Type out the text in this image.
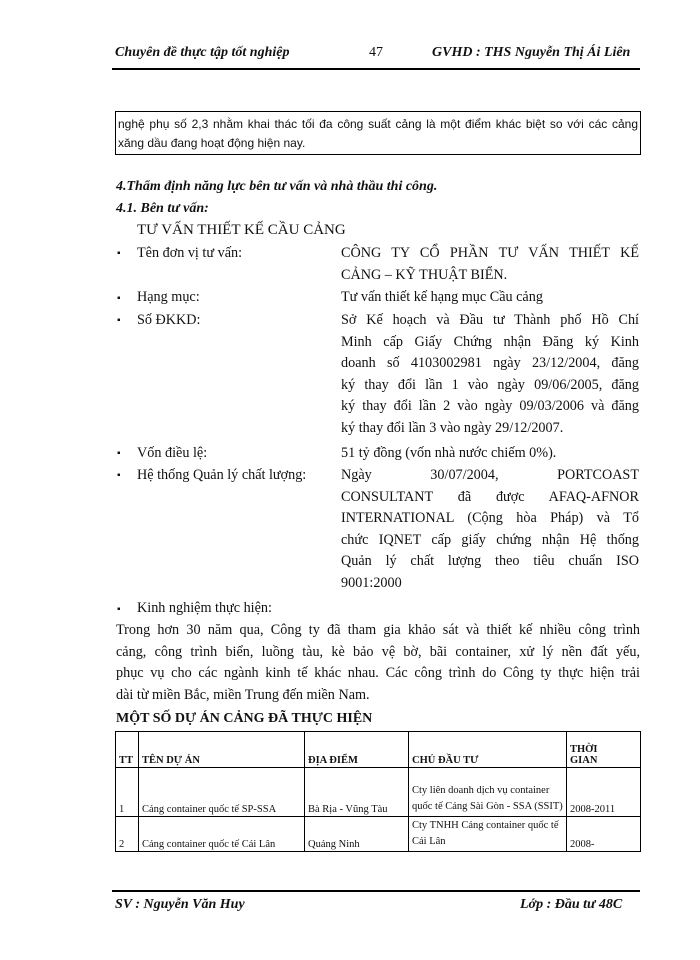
Chuyên đề thực tập tốt nghiệp	47	GVHD : THS Nguyễn Thị Ái Liên
nghệ phụ số 2,3 nhằm khai thác tối đa công suất cảng là một điểm khác biệt so với các cảng xăng dầu đang hoạt động hiện nay.
4.Thẩm định năng lực bên tư vấn và nhà thầu thi công.
4.1. Bên tư vấn:
TƯ VẤN THIẾT KẾ CẦU CẢNG
▪ Tên đơn vị tư vấn:	CÔNG TY CỔ PHẦN TƯ VẤN THIẾT KẾ

CẢNG – KỸ THUẬT BIỂN.

▪ Hạng mục:	Tư vấn thiết kế hạng mục Cầu cảng

▪ Số ĐKKD:	Sở Kế hoạch và Đầu tư Thành phố Hồ Chí

Minh cấp Giấy Chứng nhận Đăng ký Kinh

doanh số 4103002981 ngày 23/12/2004, đăng

ký thay đổi lần 1 vào ngày 09/06/2005, đăng

ký thay đổi lần 2 vào ngày 09/03/2006 và đăng

ký thay đổi lần 3 vào ngày 29/12/2007.

▪ Vốn điều lệ:	51 tỷ đồng (vốn nhà nước chiếm 0%).

▪ Hệ thống Quản lý chất lượng:	Ngày 30/07/2004, PORTCOAST

CONSULTANT đã được AFAQ-AFNOR

INTERNATIONAL (Cộng hòa Pháp) và Tổ

chức IQNET cấp giấy chứng nhận Hệ thống

Quản lý chất lượng theo tiêu chuẩn ISO

9001:2000

▪ Kinh nghiệm thực hiện:
Trong hơn 30 năm qua, Công ty đã tham gia khảo sát và thiết kế nhiều công trình
cảng, công trình biển, luồng tàu, kè bảo vệ bờ, bãi container, xử lý nền đất yếu,
phục vụ cho các ngành kinh tế khác nhau. Các công trình do Công ty thực hiện trải
dài từ miền Bắc, miền Trung đến miền Nam.
MỘT SỐ DỰ ÁN CẢNG ĐÃ THỰC HIỆN
TT	TÊN DỰ ÁN	ĐỊA ĐIỂM	CHỦ ĐẦU TƯ	THỜI GIAN

1	Cảng container quốc tế SP-SSA	Bà Rịa - Vũng Tàu	Cty liên doanh dịch vụ container quốc tế Cảng Sài Gòn - SSA (SSIT)	2008-2011
2	Cảng container quốc tế Cái Lân	Quảng Ninh	Cty TNHH Cảng container quốc tế Cái Lân	2008-
SV : Nguyễn Văn Huy	Lớp : Đầu tư 48C
